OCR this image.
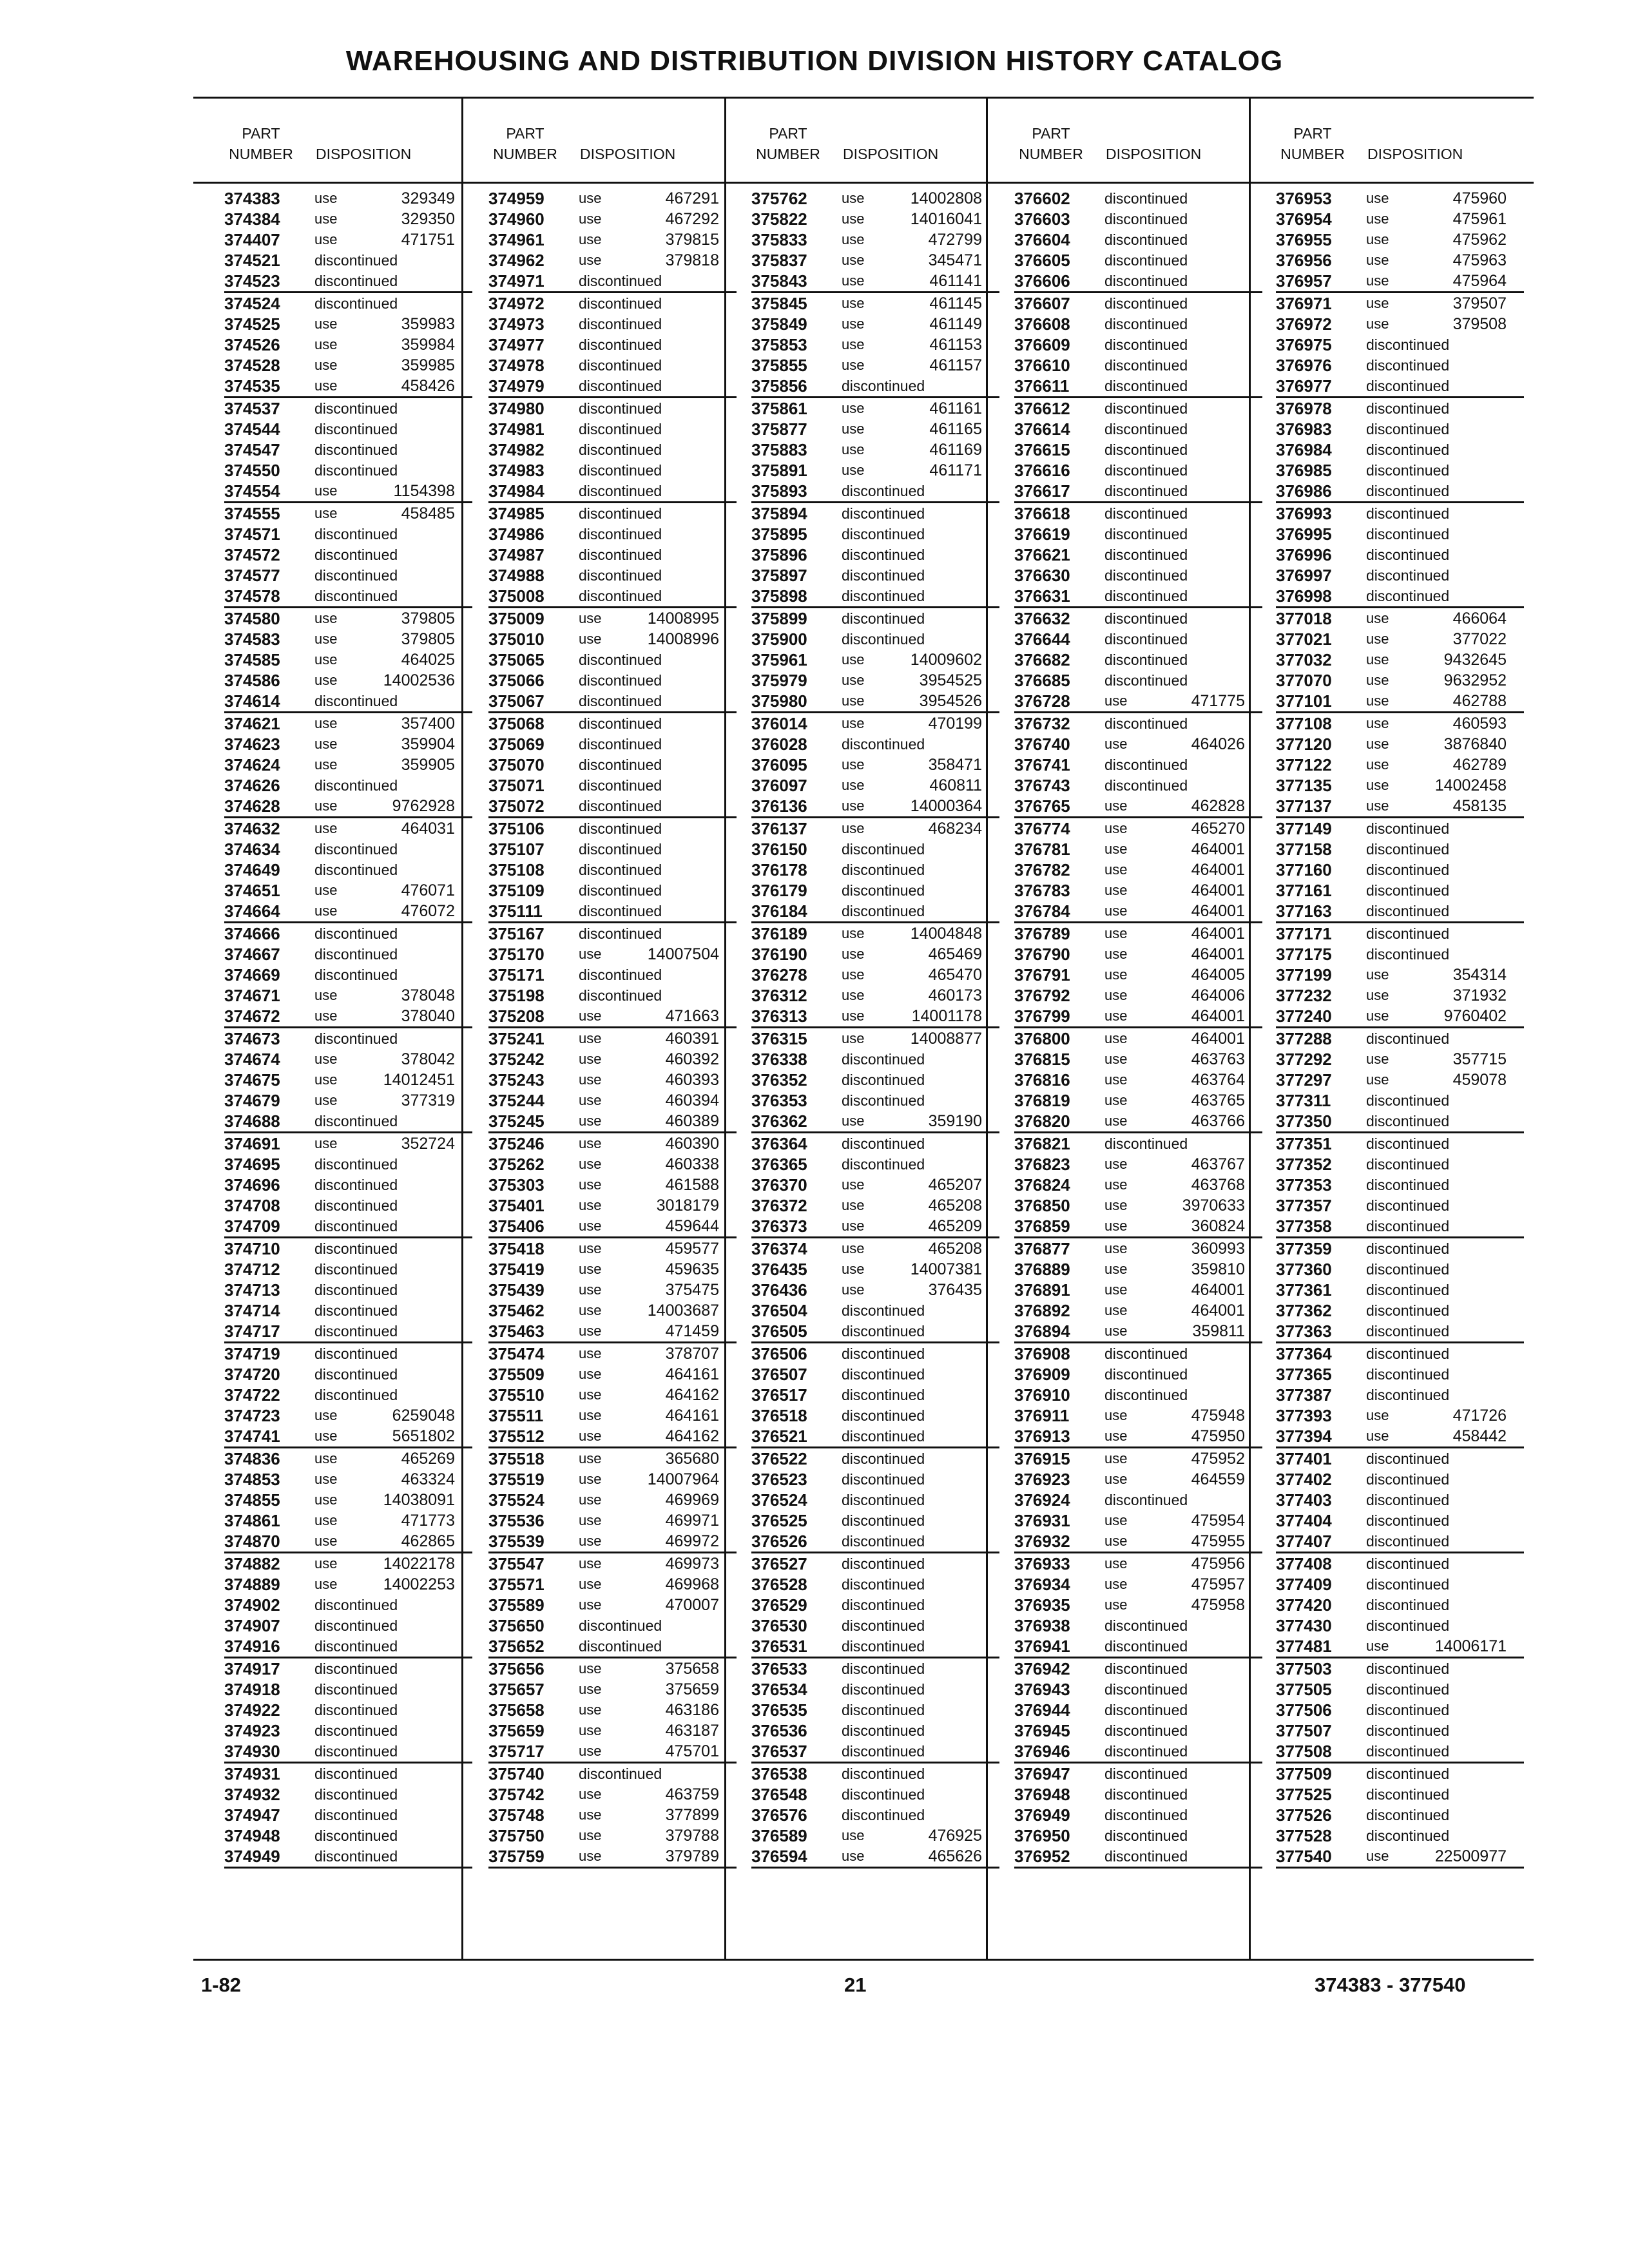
WAREHOUSING AND DISTRIBUTION DIVISION HISTORY CATALOG
PART
NUMBER	DISPOSITION
PART
NUMBER	DISPOSITION
PART
NUMBER	DISPOSITION
PART
NUMBER	DISPOSITION
PART
NUMBER	DISPOSITION
374383	use	329349
374384	use	329350
374407	use	471751
374521	discontinued
374523	discontinued
374524	discontinued
374525	use	359983
374526	use	359984
374528	use	359985
374535	use	458426
374537	discontinued
374544	discontinued
374547	discontinued
374550	discontinued
374554	use	1154398
374555	use	458485
374571	discontinued
374572	discontinued
374577	discontinued
374578	discontinued
374580	use	379805
374583	use	379805
374585	use	464025
374586	use	14002536
374614	discontinued
374621	use	357400
374623	use	359904
374624	use	359905
374626	discontinued
374628	use	9762928
374632	use	464031
374634	discontinued
374649	discontinued
374651	use	476071
374664	use	476072
374666	discontinued
374667	discontinued
374669	discontinued
374671	use	378048
374672	use	378040
374673	discontinued
374674	use	378042
374675	use	14012451
374679	use	377319
374688	discontinued
374691	use	352724
374695	discontinued
374696	discontinued
374708	discontinued
374709	discontinued
374710	discontinued
374712	discontinued
374713	discontinued
374714	discontinued
374717	discontinued
374719	discontinued
374720	discontinued
374722	discontinued
374723	use	6259048
374741	use	5651802
374836	use	465269
374853	use	463324
374855	use	14038091
374861	use	471773
374870	use	462865
374882	use	14022178
374889	use	14002253
374902	discontinued
374907	discontinued
374916	discontinued
374917	discontinued
374918	discontinued
374922	discontinued
374923	discontinued
374930	discontinued
374931	discontinued
374932	discontinued
374947	discontinued
374948	discontinued
374949	discontinued
374959	use	467291
374960	use	467292
374961	use	379815
374962	use	379818
374971	discontinued
374972	discontinued
374973	discontinued
374977	discontinued
374978	discontinued
374979	discontinued
374980	discontinued
374981	discontinued
374982	discontinued
374983	discontinued
374984	discontinued
374985	discontinued
374986	discontinued
374987	discontinued
374988	discontinued
375008	discontinued
375009	use	14008995
375010	use	14008996
375065	discontinued
375066	discontinued
375067	discontinued
375068	discontinued
375069	discontinued
375070	discontinued
375071	discontinued
375072	discontinued
375106	discontinued
375107	discontinued
375108	discontinued
375109	discontinued
375111	discontinued
375167	discontinued
375170	use	14007504
375171	discontinued
375198	discontinued
375208	use	471663
375241	use	460391
375242	use	460392
375243	use	460393
375244	use	460394
375245	use	460389
375246	use	460390
375262	use	460338
375303	use	461588
375401	use	3018179
375406	use	459644
375418	use	459577
375419	use	459635
375439	use	375475
375462	use	14003687
375463	use	471459
375474	use	378707
375509	use	464161
375510	use	464162
375511	use	464161
375512	use	464162
375518	use	365680
375519	use	14007964
375524	use	469969
375536	use	469971
375539	use	469972
375547	use	469973
375571	use	469968
375589	use	470007
375650	discontinued
375652	discontinued
375656	use	375658
375657	use	375659
375658	use	463186
375659	use	463187
375717	use	475701
375740	discontinued
375742	use	463759
375748	use	377899
375750	use	379788
375759	use	379789
375762	use	14002808
375822	use	14016041
375833	use	472799
375837	use	345471
375843	use	461141
375845	use	461145
375849	use	461149
375853	use	461153
375855	use	461157
375856	discontinued
375861	use	461161
375877	use	461165
375883	use	461169
375891	use	461171
375893	discontinued
375894	discontinued
375895	discontinued
375896	discontinued
375897	discontinued
375898	discontinued
375899	discontinued
375900	discontinued
375961	use	14009602
375979	use	3954525
375980	use	3954526
376014	use	470199
376028	discontinued
376095	use	358471
376097	use	460811
376136	use	14000364
376137	use	468234
376150	discontinued
376178	discontinued
376179	discontinued
376184	discontinued
376189	use	14004848
376190	use	465469
376278	use	465470
376312	use	460173
376313	use	14001178
376315	use	14008877
376338	discontinued
376352	discontinued
376353	discontinued
376362	use	359190
376364	discontinued
376365	discontinued
376370	use	465207
376372	use	465208
376373	use	465209
376374	use	465208
376435	use	14007381
376436	use	376435
376504	discontinued
376505	discontinued
376506	discontinued
376507	discontinued
376517	discontinued
376518	discontinued
376521	discontinued
376522	discontinued
376523	discontinued
376524	discontinued
376525	discontinued
376526	discontinued
376527	discontinued
376528	discontinued
376529	discontinued
376530	discontinued
376531	discontinued
376533	discontinued
376534	discontinued
376535	discontinued
376536	discontinued
376537	discontinued
376538	discontinued
376548	discontinued
376576	discontinued
376589	use	476925
376594	use	465626
376602	discontinued
376603	discontinued
376604	discontinued
376605	discontinued
376606	discontinued
376607	discontinued
376608	discontinued
376609	discontinued
376610	discontinued
376611	discontinued
376612	discontinued
376614	discontinued
376615	discontinued
376616	discontinued
376617	discontinued
376618	discontinued
376619	discontinued
376621	discontinued
376630	discontinued
376631	discontinued
376632	discontinued
376644	discontinued
376682	discontinued
376685	discontinued
376728	use	471775
376732	discontinued
376740	use	464026
376741	discontinued
376743	discontinued
376765	use	462828
376774	use	465270
376781	use	464001
376782	use	464001
376783	use	464001
376784	use	464001
376789	use	464001
376790	use	464001
376791	use	464005
376792	use	464006
376799	use	464001
376800	use	464001
376815	use	463763
376816	use	463764
376819	use	463765
376820	use	463766
376821	discontinued
376823	use	463767
376824	use	463768
376850	use	3970633
376859	use	360824
376877	use	360993
376889	use	359810
376891	use	464001
376892	use	464001
376894	use	359811
376908	discontinued
376909	discontinued
376910	discontinued
376911	use	475948
376913	use	475950
376915	use	475952
376923	use	464559
376924	discontinued
376931	use	475954
376932	use	475955
376933	use	475956
376934	use	475957
376935	use	475958
376938	discontinued
376941	discontinued
376942	discontinued
376943	discontinued
376944	discontinued
376945	discontinued
376946	discontinued
376947	discontinued
376948	discontinued
376949	discontinued
376950	discontinued
376952	discontinued
376953	use	475960
376954	use	475961
376955	use	475962
376956	use	475963
376957	use	475964
376971	use	379507
376972	use	379508
376975	discontinued
376976	discontinued
376977	discontinued
376978	discontinued
376983	discontinued
376984	discontinued
376985	discontinued
376986	discontinued
376993	discontinued
376995	discontinued
376996	discontinued
376997	discontinued
376998	discontinued
377018	use	466064
377021	use	377022
377032	use	9432645
377070	use	9632952
377101	use	462788
377108	use	460593
377120	use	3876840
377122	use	462789
377135	use	14002458
377137	use	458135
377149	discontinued
377158	discontinued
377160	discontinued
377161	discontinued
377163	discontinued
377171	discontinued
377175	discontinued
377199	use	354314
377232	use	371932
377240	use	9760402
377288	discontinued
377292	use	357715
377297	use	459078
377311	discontinued
377350	discontinued
377351	discontinued
377352	discontinued
377353	discontinued
377357	discontinued
377358	discontinued
377359	discontinued
377360	discontinued
377361	discontinued
377362	discontinued
377363	discontinued
377364	discontinued
377365	discontinued
377387	discontinued
377393	use	471726
377394	use	458442
377401	discontinued
377402	discontinued
377403	discontinued
377404	discontinued
377407	discontinued
377408	discontinued
377409	discontinued
377420	discontinued
377430	discontinued
377481	use	14006171
377503	discontinued
377505	discontinued
377506	discontinued
377507	discontinued
377508	discontinued
377509	discontinued
377525	discontinued
377526	discontinued
377528	discontinued
377540	use	22500977
1-82	21	374383 - 377540
